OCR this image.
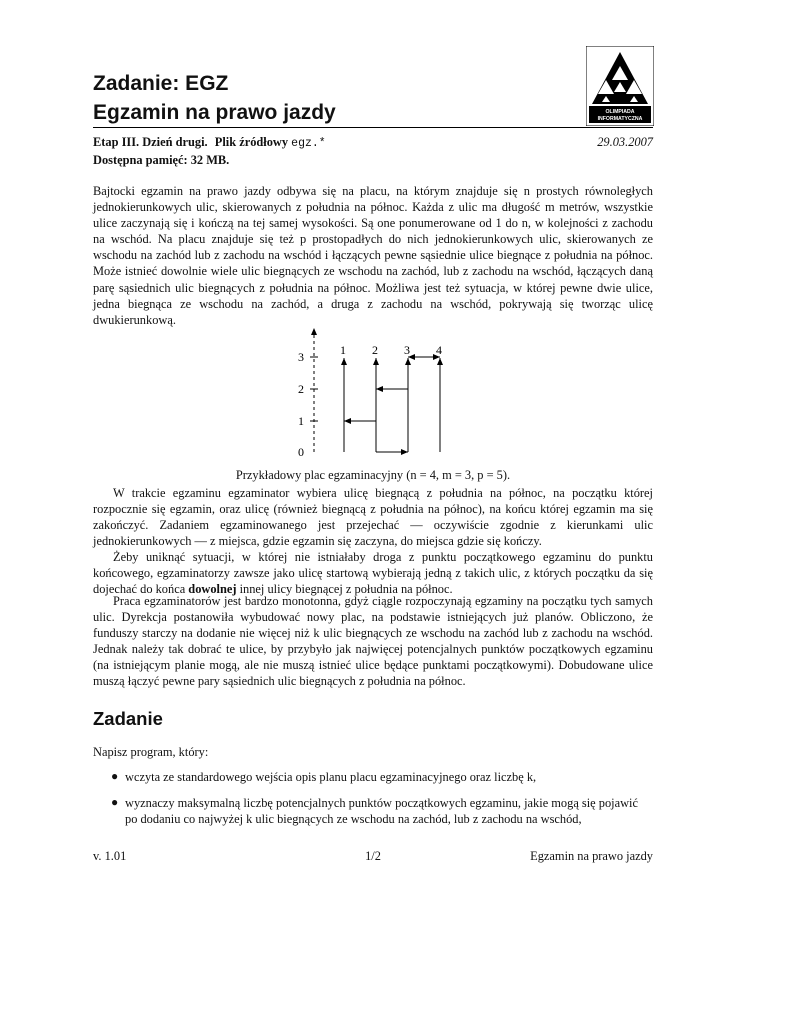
Zadanie: EGZ
Egzamin na prawo jazdy	OLIMPIADA
INFORMATYCZNA
Etap III. Dzień drugi. Plik źródłowy egz.*	29.03.2007
Dostępna pamięć: 32 MB.
Bajtocki egzamin na prawo jazdy odbywa się na placu, na którym znajduje się n prostych równoległych jednokierunkowych ulic, skierowanych z południa na północ. Każda z ulic ma długość m metrów, wszystkie ulice zaczynają się i kończą na tej samej wysokości. Są one ponumerowane od 1 do n, w kolejności z zachodu na wschód. Na placu znajduje się też p prostopadłych do nich jednokierunkowych ulic, skierowanych ze wschodu na zachód lub z zachodu na wschód i łączących pewne sąsiednie ulice biegnące z południa na północ. Może istnieć dowolnie wiele ulic biegnących ze wschodu na zachód, lub z zachodu na wschód, łączących daną parę sąsiednich ulic biegnących z południa na północ. Możliwa jest też sytuacja, w której pewne dwie ulice, jedna biegnąca ze wschodu na zachód, a druga z zachodu na wschód, pokrywają się tworząc ulicę dwukierunkową.
0
1
2
3	1 2 3 4
Przykładowy plac egzaminacyjny (n = 4, m = 3, p = 5).
W trakcie egzaminu egzaminator wybiera ulicę biegnącą z południa na północ, na początku której rozpocznie się egzamin, oraz ulicę (również biegnącą z południa na północ), na końcu której egzamin ma się zakończyć. Zadaniem egzaminowanego jest przejechać — oczywiście zgodnie z kierunkami ulic jednokierunkowych — z miejsca, gdzie egzamin się zaczyna, do miejsca gdzie się kończy.
Żeby uniknąć sytuacji, w której nie istniałaby droga z punktu początkowego egzaminu do punktu końcowego, egzaminatorzy zawsze jako ulicę startową wybierają jedną z takich ulic, z których początku da się dojechać do końca dowolnej innej ulicy biegnącej z południa na północ.
Praca egzaminatorów jest bardzo monotonna, gdyż ciągle rozpoczynają egzaminy na początku tych samych ulic. Dyrekcja postanowiła wybudować nowy plac, na podstawie istniejących już planów. Obliczono, że funduszy starczy na dodanie nie więcej niż k ulic biegnących ze wschodu na zachód lub z zachodu na wschód. Jednak należy tak dobrać te ulice, by przybyło jak najwięcej potencjalnych punktów początkowych egzaminu (na istniejącym planie mogą, ale nie muszą istnieć ulice będące punktami początkowymi). Dobudowane ulice muszą łączyć pewne pary sąsiednich ulic biegnących z południa na północ.
Zadanie
Napisz program, który:
● wczyta ze standardowego wejścia opis planu placu egzaminacyjnego oraz liczbę k,
● wyznaczy maksymalną liczbę potencjalnych punktów początkowych egzaminu, jakie mogą się pojawić po dodaniu co najwyżej k ulic biegnących ze wschodu na zachód, lub z zachodu na wschód,
v. 1.01	1/2	Egzamin na prawo jazdy
